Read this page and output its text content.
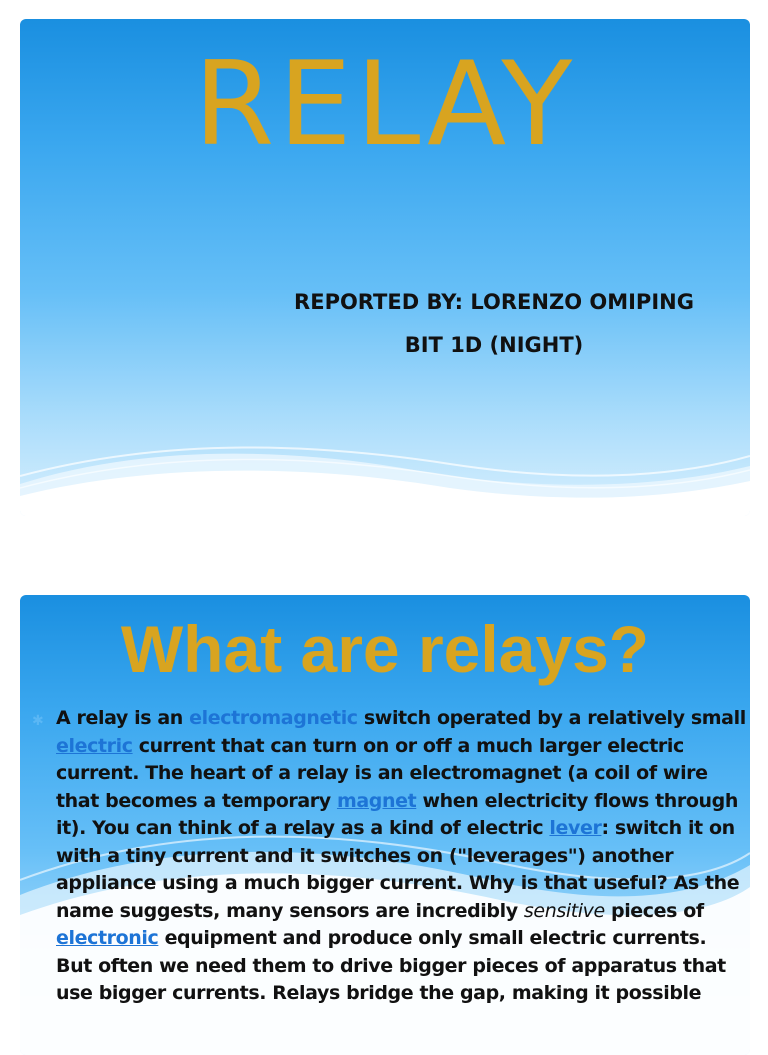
RELAY
REPORTED BY: LORENZO OMIPING
BIT 1D (NIGHT)
What are relays?
✱ A relay is an electromagnetic switch operated by a relatively small electric current that can turn on or off a much larger electric current. The heart of a relay is an electromagnet (a coil of wire that becomes a temporary magnet when electricity flows through it). You can think of a relay as a kind of electric lever: switch it on with a tiny current and it switches on ("leverages") another appliance using a much bigger current. Why is that useful? As the name suggests, many sensors are incredibly sensitive pieces of electronic equipment and produce only small electric currents. But often we need them to drive bigger pieces of apparatus that use bigger currents. Relays bridge the gap, making it possible
